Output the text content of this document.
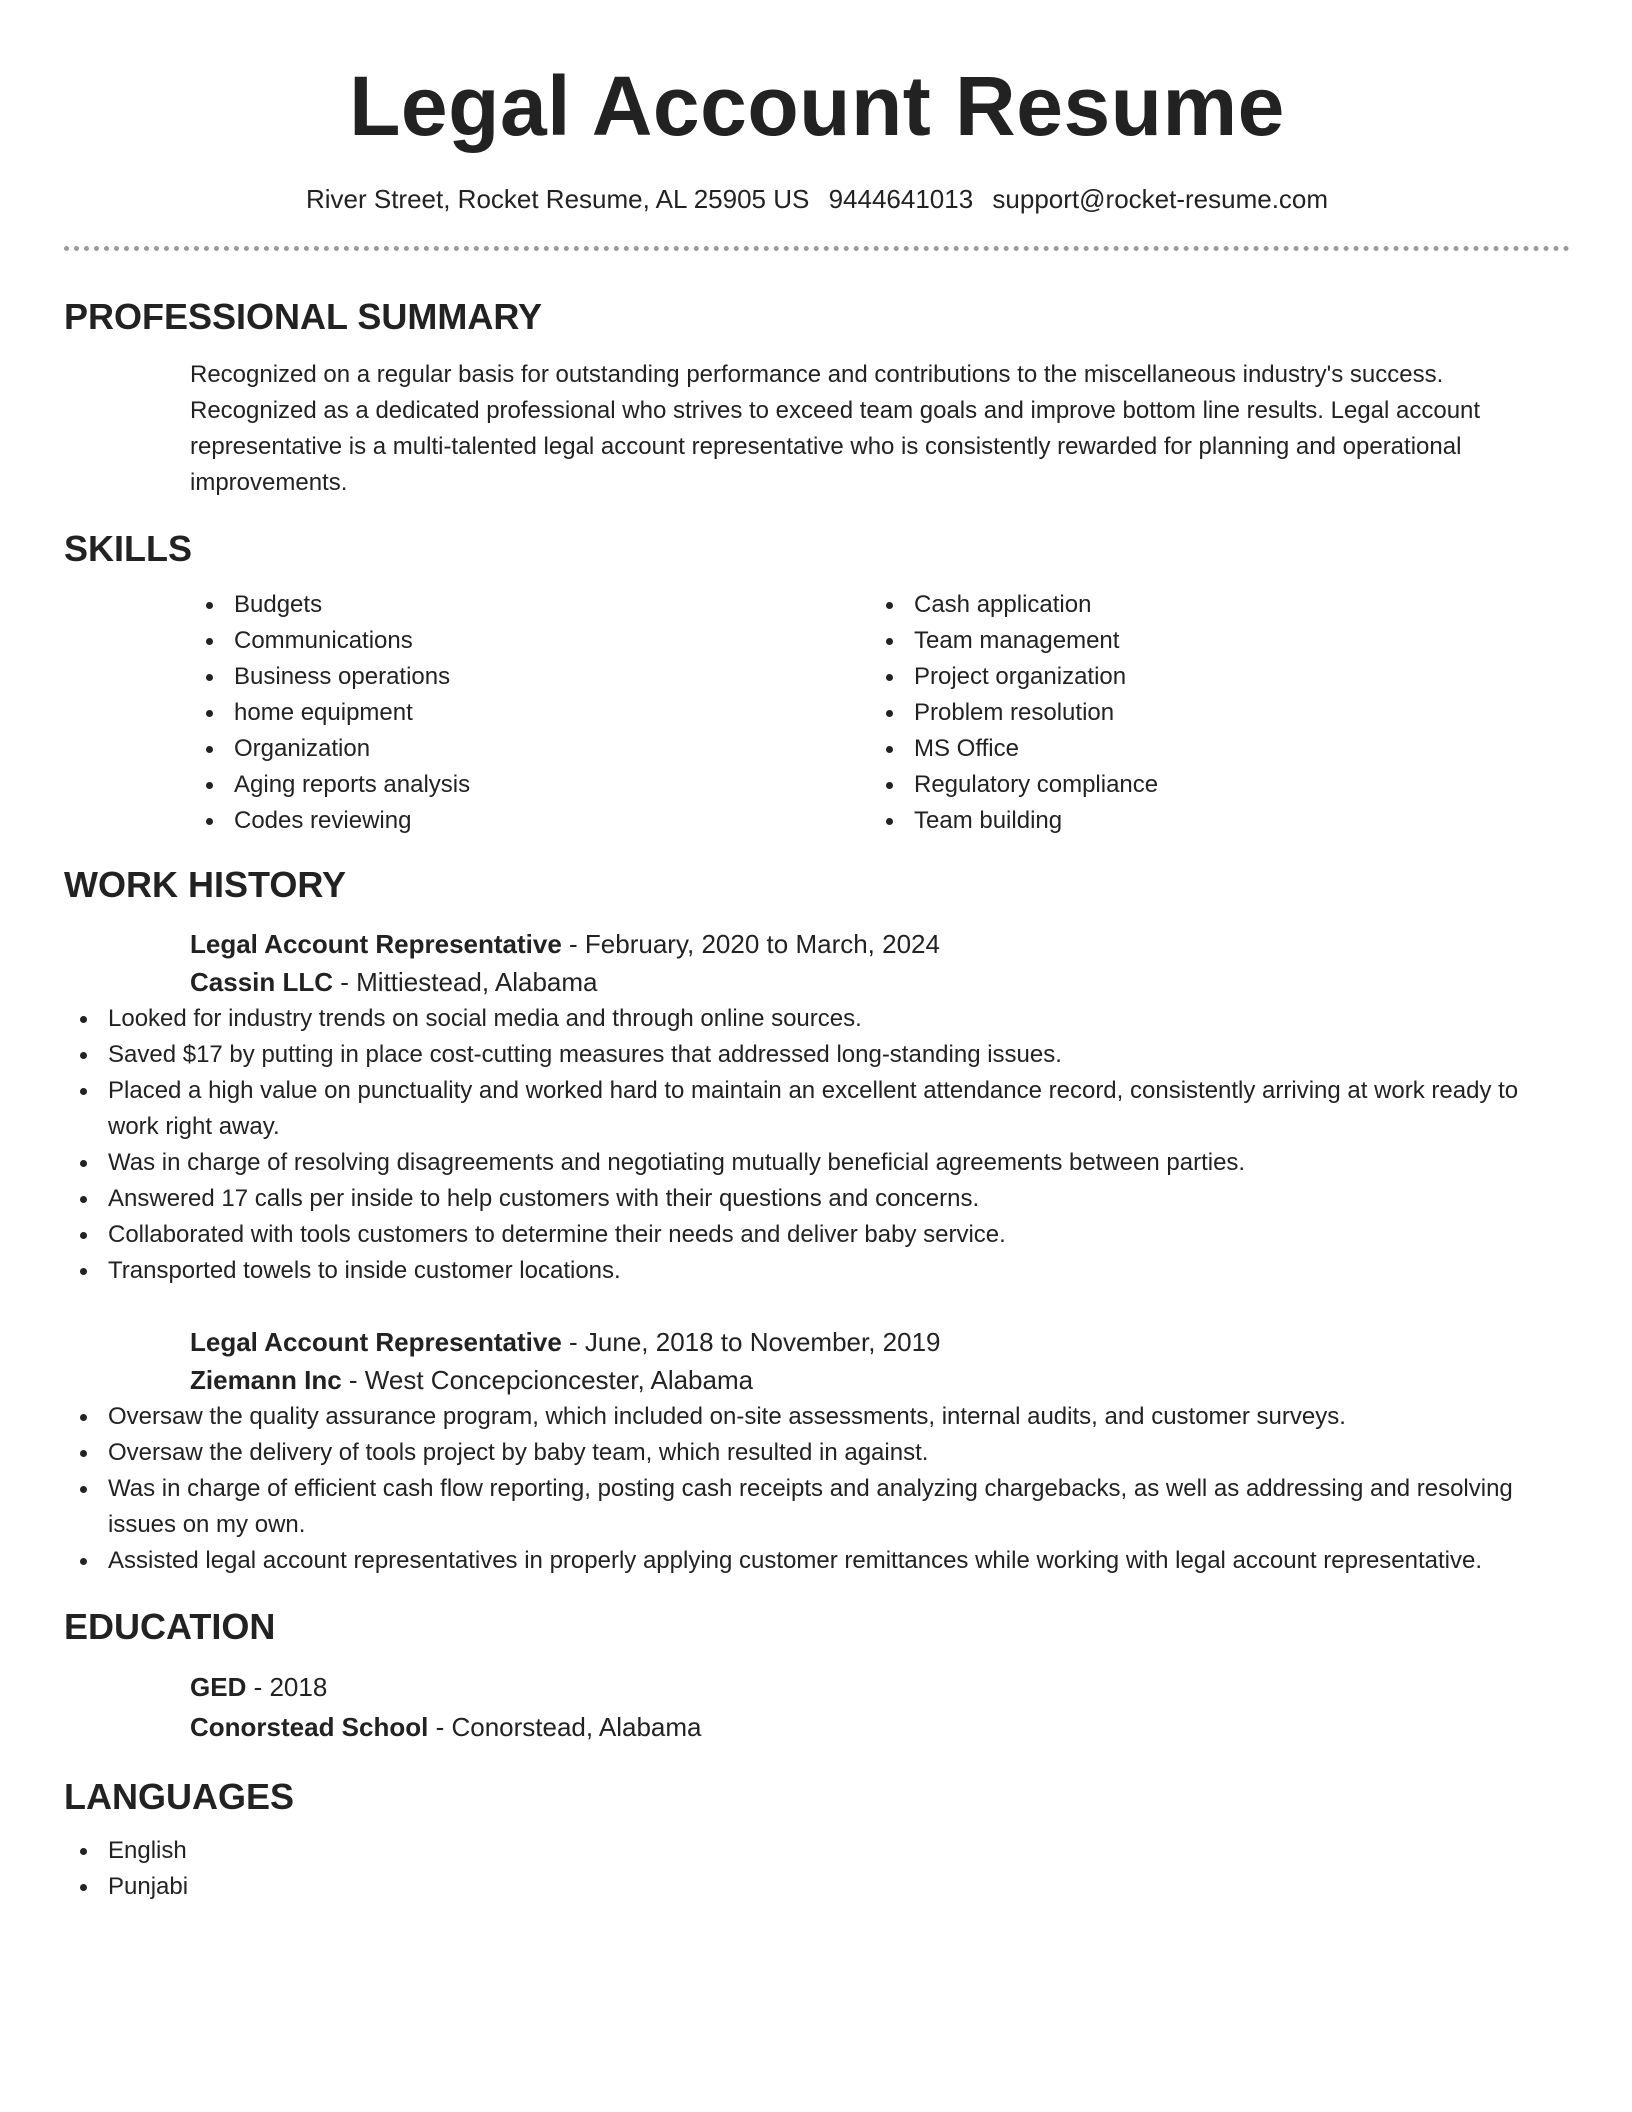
Legal Account Resume
River Street, Rocket Resume, AL 25905 US 9444641013 support@rocket-resume.com
PROFESSIONAL SUMMARY

Recognized on a regular basis for outstanding performance and contributions to the miscellaneous industry's success. Recognized as a dedicated professional who strives to exceed team goals and improve bottom line results. Legal account representative is a multi-talented legal account representative who is consistently rewarded for planning and operational improvements.

SKILLS
Budgets
Communications
Business operations
home equipment
Organization
Aging reports analysis
Codes reviewing
Cash application
Team management
Project organization
Problem resolution
MS Office
Regulatory compliance
Team building
WORK HISTORY
Legal Account Representative - February, 2020 to March, 2024
Cassin LLC - Mittiestead, Alabama
Looked for industry trends on social media and through online sources.
Saved $17 by putting in place cost-cutting measures that addressed long-standing issues.
Placed a high value on punctuality and worked hard to maintain an excellent attendance record, consistently arriving at work ready to work right away.
Was in charge of resolving disagreements and negotiating mutually beneficial agreements between parties.
Answered 17 calls per inside to help customers with their questions and concerns.
Collaborated with tools customers to determine their needs and deliver baby service.
Transported towels to inside customer locations.
Legal Account Representative - June, 2018 to November, 2019
Ziemann Inc - West Concepcioncester, Alabama
Oversaw the quality assurance program, which included on-site assessments, internal audits, and customer surveys.
Oversaw the delivery of tools project by baby team, which resulted in against.
Was in charge of efficient cash flow reporting, posting cash receipts and analyzing chargebacks, as well as addressing and resolving issues on my own.
Assisted legal account representatives in properly applying customer remittances while working with legal account representative.
EDUCATION
GED - 2018
Conorstead School - Conorstead, Alabama
LANGUAGES
English
Punjabi
